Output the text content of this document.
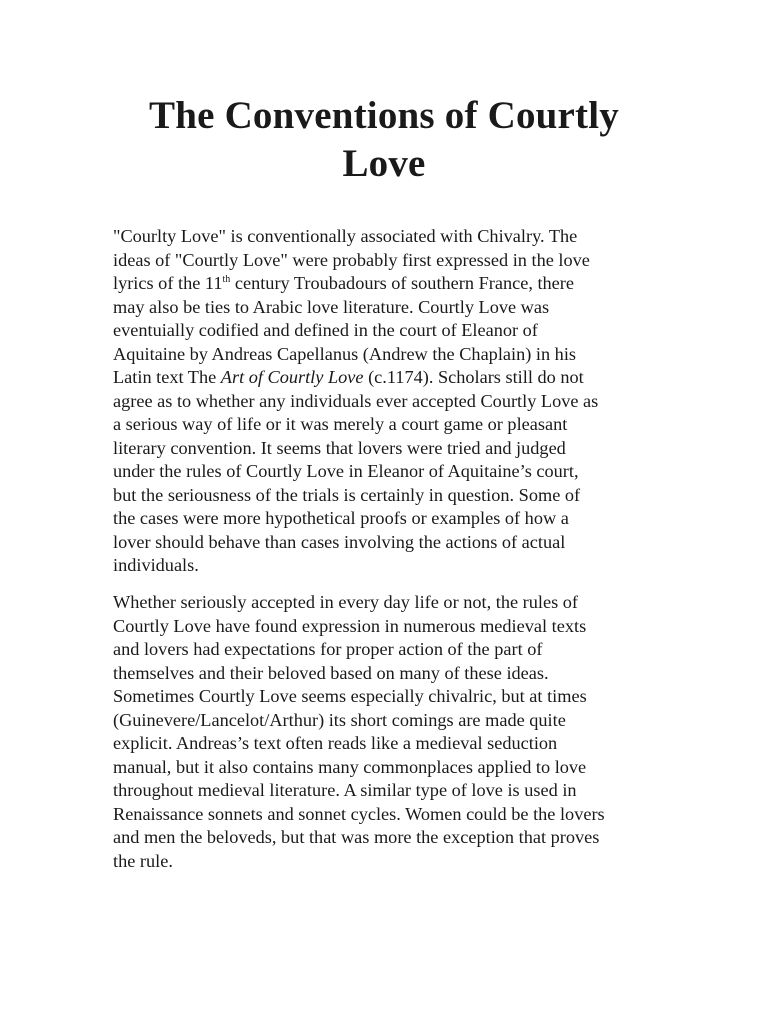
The Conventions of Courtly
Love

"Courlty Love" is conventionally associated with Chivalry. The
ideas of "Courtly Love" were probably first expressed in the love
lyrics of the 11th century Troubadours of southern France, there
may also be ties to Arabic love literature. Courtly Love was
eventuially codified and defined in the court of Eleanor of
Aquitaine by Andreas Capellanus (Andrew the Chaplain) in his
Latin text The Art of Courtly Love (c.1174). Scholars still do not
agree as to whether any individuals ever accepted Courtly Love as
a serious way of life or it was merely a court game or pleasant
literary convention. It seems that lovers were tried and judged
under the rules of Courtly Love in Eleanor of Aquitaine’s court,
but the seriousness of the trials is certainly in question. Some of
the cases were more hypothetical proofs or examples of how a
lover should behave than cases involving the actions of actual
individuals.

Whether seriously accepted in every day life or not, the rules of
Courtly Love have found expression in numerous medieval texts
and lovers had expectations for proper action of the part of
themselves and their beloved based on many of these ideas.
Sometimes Courtly Love seems especially chivalric, but at times
(Guinevere/Lancelot/Arthur) its short comings are made quite
explicit. Andreas’s text often reads like a medieval seduction
manual, but it also contains many commonplaces applied to love
throughout medieval literature. A similar type of love is used in
Renaissance sonnets and sonnet cycles. Women could be the lovers
and men the beloveds, but that was more the exception that proves
the rule.
